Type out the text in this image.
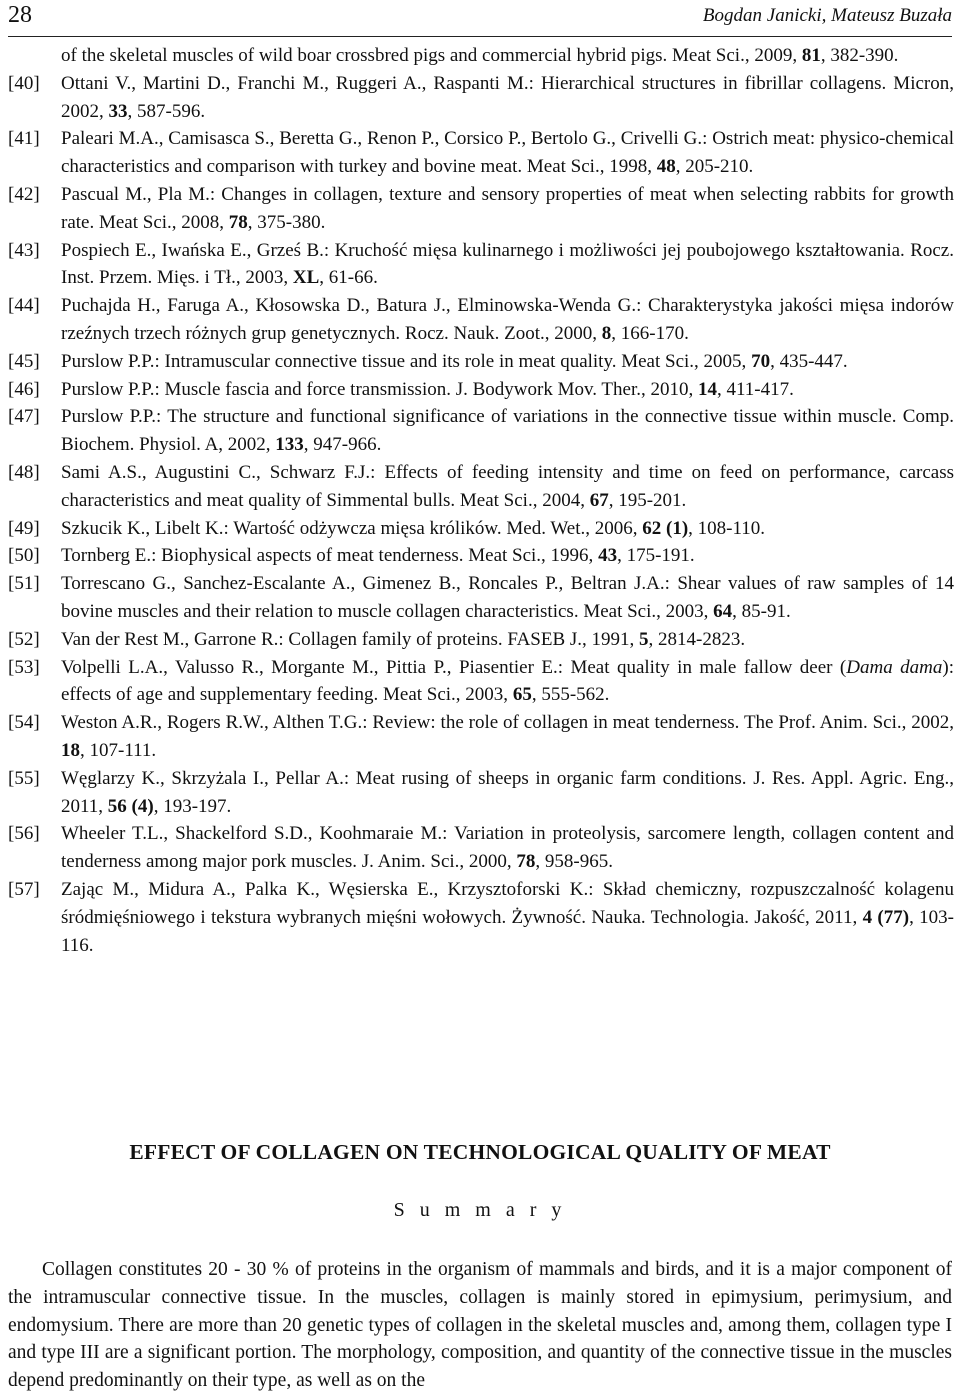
28	Bogdan Janicki, Mateusz Buzała
of the skeletal muscles of wild boar crossbred pigs and commercial hybrid pigs. Meat Sci., 2009, 81, 382-390.
[40] Ottani V., Martini D., Franchi M., Ruggeri A., Raspanti M.: Hierarchical structures in fibrillar collagens. Micron, 2002, 33, 587-596.
[41] Paleari M.A., Camisasca S., Beretta G., Renon P., Corsico P., Bertolo G., Crivelli G.: Ostrich meat: physico-chemical characteristics and comparison with turkey and bovine meat. Meat Sci., 1998, 48, 205-210.
[42] Pascual M., Pla M.: Changes in collagen, texture and sensory properties of meat when selecting rabbits for growth rate. Meat Sci., 2008, 78, 375-380.
[43] Pospiech E., Iwańska E., Grześ B.: Kruchość mięsa kulinarnego i możliwości jej poubojowego kształtowania. Rocz. Inst. Przem. Mięs. i Tł., 2003, XL, 61-66.
[44] Puchajda H., Faruga A., Kłosowska D., Batura J., Elminowska-Wenda G.: Charakterystyka jakości mięsa indorów rzeźnych trzech różnych grup genetycznych. Rocz. Nauk. Zoot., 2000, 8, 166-170.
[45] Purslow P.P.: Intramuscular connective tissue and its role in meat quality. Meat Sci., 2005, 70, 435-447.
[46] Purslow P.P.: Muscle fascia and force transmission. J. Bodywork Mov. Ther., 2010, 14, 411-417.
[47] Purslow P.P.: The structure and functional significance of variations in the connective tissue within muscle. Comp. Biochem. Physiol. A, 2002, 133, 947-966.
[48] Sami A.S., Augustini C., Schwarz F.J.: Effects of feeding intensity and time on feed on performance, carcass characteristics and meat quality of Simmental bulls. Meat Sci., 2004, 67, 195-201.
[49] Szkucik K., Libelt K.: Wartość odżywcza mięsa królików. Med. Wet., 2006, 62 (1), 108-110.
[50] Tornberg E.: Biophysical aspects of meat tenderness. Meat Sci., 1996, 43, 175-191.
[51] Torrescano G., Sanchez-Escalante A., Gimenez B., Roncales P., Beltran J.A.: Shear values of raw samples of 14 bovine muscles and their relation to muscle collagen characteristics. Meat Sci., 2003, 64, 85-91.
[52] Van der Rest M., Garrone R.: Collagen family of proteins. FASEB J., 1991, 5, 2814-2823.
[53] Volpelli L.A., Valusso R., Morgante M., Pittia P., Piasentier E.: Meat quality in male fallow deer (Dama dama): effects of age and supplementary feeding. Meat Sci., 2003, 65, 555-562.
[54] Weston A.R., Rogers R.W., Althen T.G.: Review: the role of collagen in meat tenderness. The Prof. Anim. Sci., 2002, 18, 107-111.
[55] Węglarzy K., Skrzyżala I., Pellar A.: Meat rusing of sheeps in organic farm conditions. J. Res. Appl. Agric. Eng., 2011, 56 (4), 193-197.
[56] Wheeler T.L., Shackelford S.D., Koohmaraie M.: Variation in proteolysis, sarcomere length, collagen content and tenderness among major pork muscles. J. Anim. Sci., 2000, 78, 958-965.
[57] Zając M., Midura A., Palka K., Węsierska E., Krzysztoforski K.: Skład chemiczny, rozpuszczalność kolagenu śródmięśniowego i tekstura wybranych mięśni wołowych. Żywność. Nauka. Technologia. Jakość, 2011, 4 (77), 103-116.
EFFECT OF COLLAGEN ON TECHNOLOGICAL QUALITY OF MEAT
S u m m a r y
Collagen constitutes 20 - 30 % of proteins in the organism of mammals and birds, and it is a major component of the intramuscular connective tissue. In the muscles, collagen is mainly stored in epimysium, perimysium, and endomysium. There are more than 20 genetic types of collagen in the skeletal muscles and, among them, collagen type I and type III are a significant portion. The morphology, composition, and quantity of the connective tissue in the muscles depend predominantly on their type, as well as on the
